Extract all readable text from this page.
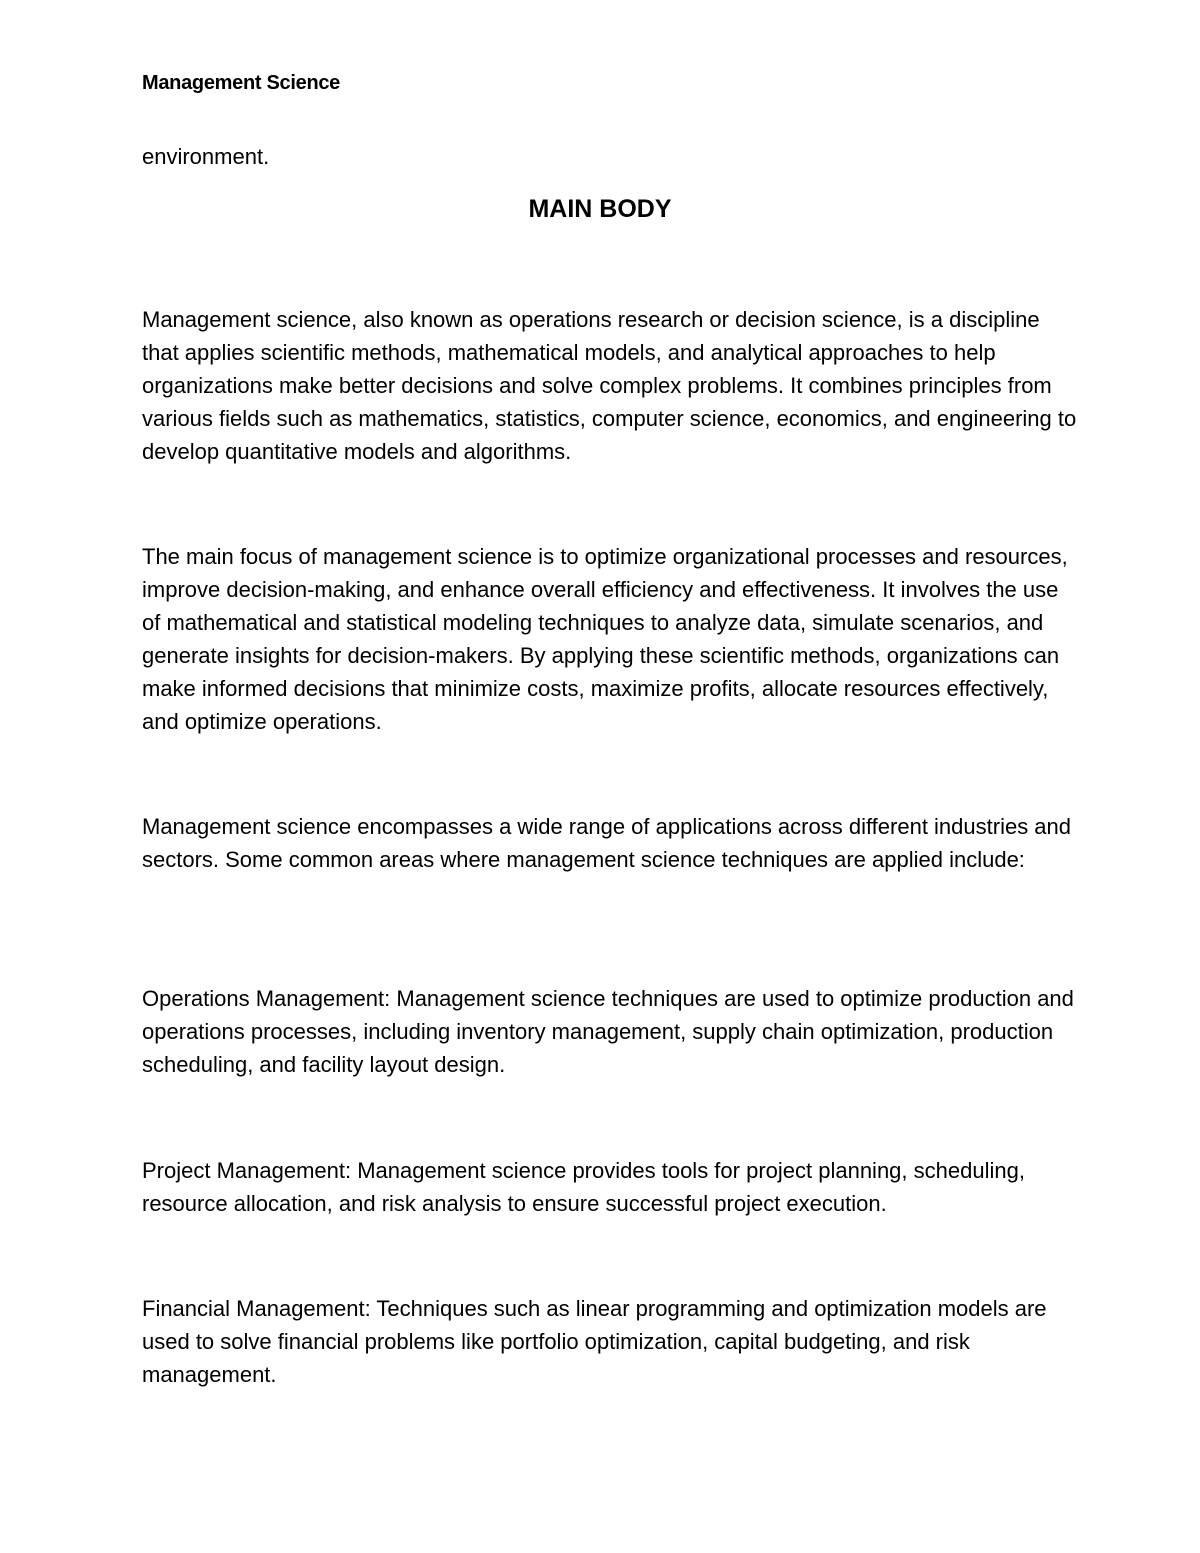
Management Science

environment.

MAIN BODY

Management science, also known as operations research or decision science, is a discipline that applies scientific methods, mathematical models, and analytical approaches to help organizations make better decisions and solve complex problems. It combines principles from various fields such as mathematics, statistics, computer science, economics, and engineering to develop quantitative models and algorithms.

The main focus of management science is to optimize organizational processes and resources, improve decision-making, and enhance overall efficiency and effectiveness. It involves the use of mathematical and statistical modeling techniques to analyze data, simulate scenarios, and generate insights for decision-makers. By applying these scientific methods, organizations can make informed decisions that minimize costs, maximize profits, allocate resources effectively, and optimize operations.

Management science encompasses a wide range of applications across different industries and sectors. Some common areas where management science techniques are applied include:

Operations Management: Management science techniques are used to optimize production and operations processes, including inventory management, supply chain optimization, production scheduling, and facility layout design.

Project Management: Management science provides tools for project planning, scheduling, resource allocation, and risk analysis to ensure successful project execution.

Financial Management: Techniques such as linear programming and optimization models are used to solve financial problems like portfolio optimization, capital budgeting, and risk management.
